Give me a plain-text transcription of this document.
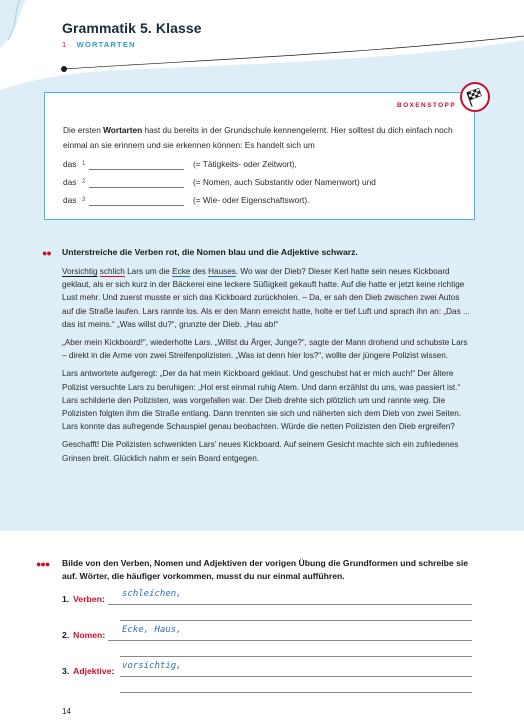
Grammatik 5. Klasse
1 WORTARTEN
BOXENSTOPP
Die ersten Wortarten hast du bereits in der Grundschule kennengelernt. Hier solltest du dich einfach noch einmal an sie erinnern und sie erkennen können: Es handelt sich um
das 1	(= Tätigkeits- oder Zeitwort),
das 2	(= Nomen, auch Substantiv oder Namenwort) und
das 3	(= Wie- oder Eigenschaftswort).
●● Unterstreiche die Verben rot, die Nomen blau und die Adjektive schwarz.

Vorsichtig schlich Lars um die Ecke des Hauses. Wo war der Dieb? Dieser Kerl hatte sein neues Kickboard geklaut, als er sich kurz in der Bäckerei eine leckere Süßigkeit gekauft hatte. Auf die hatte er jetzt keine richtige Lust mehr. Und zuerst musste er sich das Kickboard zurückholen. – Da, er sah den Dieb zwischen zwei Autos auf die Straße laufen. Lars rannte los. Als er den Mann erreicht hatte, holte er tief Luft und sprach ihn an: „Das ... das ist meins.“ „Was willst du?“, grunzte der Dieb. „Hau ab!“

„Aber mein Kickboard!“, wiederholte Lars. „Willst du Ärger, Junge?“, sagte der Mann drohend und schubste Lars – direkt in die Arme von zwei Streifenpolizisten. „Was ist denn hier los?“, wollte der jüngere Polizist wissen.

Lars antwortete aufgeregt: „Der da hat mein Kickboard geklaut. Und geschubst hat er mich auch!“ Der ältere Polizist versuchte Lars zu beruhigen: „Hol erst einmal ruhig Atem. Und dann erzählst du uns, was passiert ist.“ Lars schilderte den Polizisten, was vorgefallen war. Der Dieb drehte sich plötzlich um und rannte weg. Die Polizisten folgten ihm die Straße entlang. Dann trennten sie sich und näherten sich dem Dieb von zwei Seiten. Lars konnte das aufregende Schauspiel genau beobachten. Würde die netten Polizisten den Dieb ergreifen?

Geschafft! Die Polizisten schwenkten Lars’ neues Kickboard. Auf seinem Gesicht machte sich ein zufriedenes Grinsen breit. Glücklich nahm er sein Board entgegen.

●●● Bilde von den Verben, Nomen und Adjektiven der vorigen Übung die Grundformen und schreibe sie auf. Wörter, die häufiger vorkommen, musst du nur einmal aufführen.
1. Verben: schleichen,
2. Nomen: Ecke, Haus,
3. Adjektive: vorsichtig,
14
